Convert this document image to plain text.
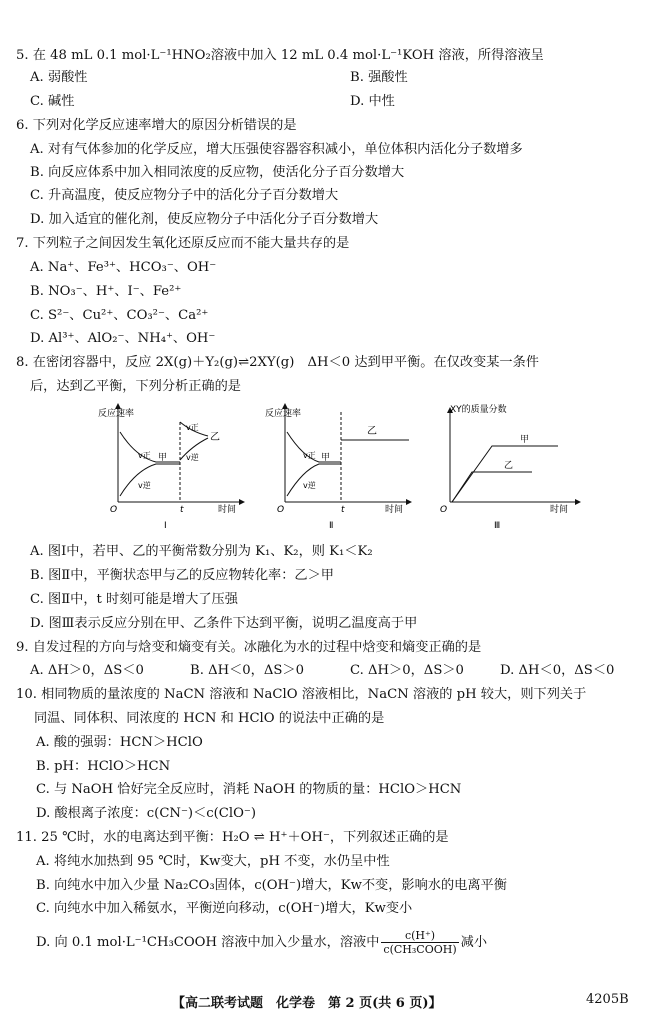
5. 在 48 mL 0.1 mol·L⁻¹HNO₂溶液中加入 12 mL 0.4 mol·L⁻¹KOH 溶液，所得溶液呈
A. 弱酸性	B. 强酸性
C. 碱性	D. 中性
6. 下列对化学反应速率增大的原因分析错误的是
A. 对有气体参加的化学反应，增大压强使容器容积减小，单位体积内活化分子数增多
B. 向反应体系中加入相同浓度的反应物，使活化分子百分数增大
C. 升高温度，使反应物分子中的活化分子百分数增大
D. 加入适宜的催化剂，使反应物分子中活化分子百分数增大
7. 下列粒子之间因发生氧化还原反应而不能大量共存的是
A. Na⁺、Fe³⁺、HCO₃⁻、OH⁻
B. NO₃⁻、H⁺、I⁻、Fe²⁺
C. S²⁻、Cu²⁺、CO₃²⁻、Ca²⁺
D. Al³⁺、AlO₂⁻、NH₄⁺、OH⁻
8. 在密闭容器中，反应 2X(g)＋Y₂(g)⇌2XY(g)　ΔH＜0 达到甲平衡。在仅改变某一条件
后，达到乙平衡，下列分析正确的是
反应速率
O	时间
t
v正
v逆
甲
v正
v逆
乙
Ⅰ
反应速率
O	时间
t
v正
v逆
甲
乙
Ⅱ
XY的质量分数
O	时间
甲
乙
Ⅲ
A. 图Ⅰ中，若甲、乙的平衡常数分别为 K₁、K₂，则 K₁＜K₂
B. 图Ⅱ中，平衡状态甲与乙的反应物转化率：乙＞甲
C. 图Ⅱ中，t 时刻可能是增大了压强
D. 图Ⅲ表示反应分别在甲、乙条件下达到平衡，说明乙温度高于甲
9. 自发过程的方向与焓变和熵变有关。冰融化为水的过程中焓变和熵变正确的是
A. ΔH＞0，ΔS＜0	B. ΔH＜0，ΔS＞0	C. ΔH＞0，ΔS＞0	D. ΔH＜0，ΔS＜0
10. 相同物质的量浓度的 NaCN 溶液和 NaClO 溶液相比，NaCN 溶液的 pH 较大，则下列关于
同温、同体积、同浓度的 HCN 和 HClO 的说法中正确的是
A. 酸的强弱：HCN＞HClO
B. pH：HClO＞HCN
C. 与 NaOH 恰好完全反应时，消耗 NaOH 的物质的量：HClO＞HCN
D. 酸根离子浓度：c(CN⁻)＜c(ClO⁻)
11. 25 ℃时，水的电离达到平衡：H₂O ⇌ H⁺＋OH⁻，下列叙述正确的是
A. 将纯水加热到 95 ℃时，Kw变大，pH 不变，水仍呈中性
B. 向纯水中加入少量 Na₂CO₃固体，c(OH⁻)增大，Kw不变，影响水的电离平衡
C. 向纯水中加入稀氨水，平衡逆向移动，c(OH⁻)增大，Kw变小
D. 向 0.1 mol·L⁻¹CH₃COOH 溶液中加入少量水，溶液中 $\frac{c(H^+)}{\text{c(CH₃COOH)}}$ 减小
【高二联考试题　化学卷　第 2 页(共 6 页)】	4205B
